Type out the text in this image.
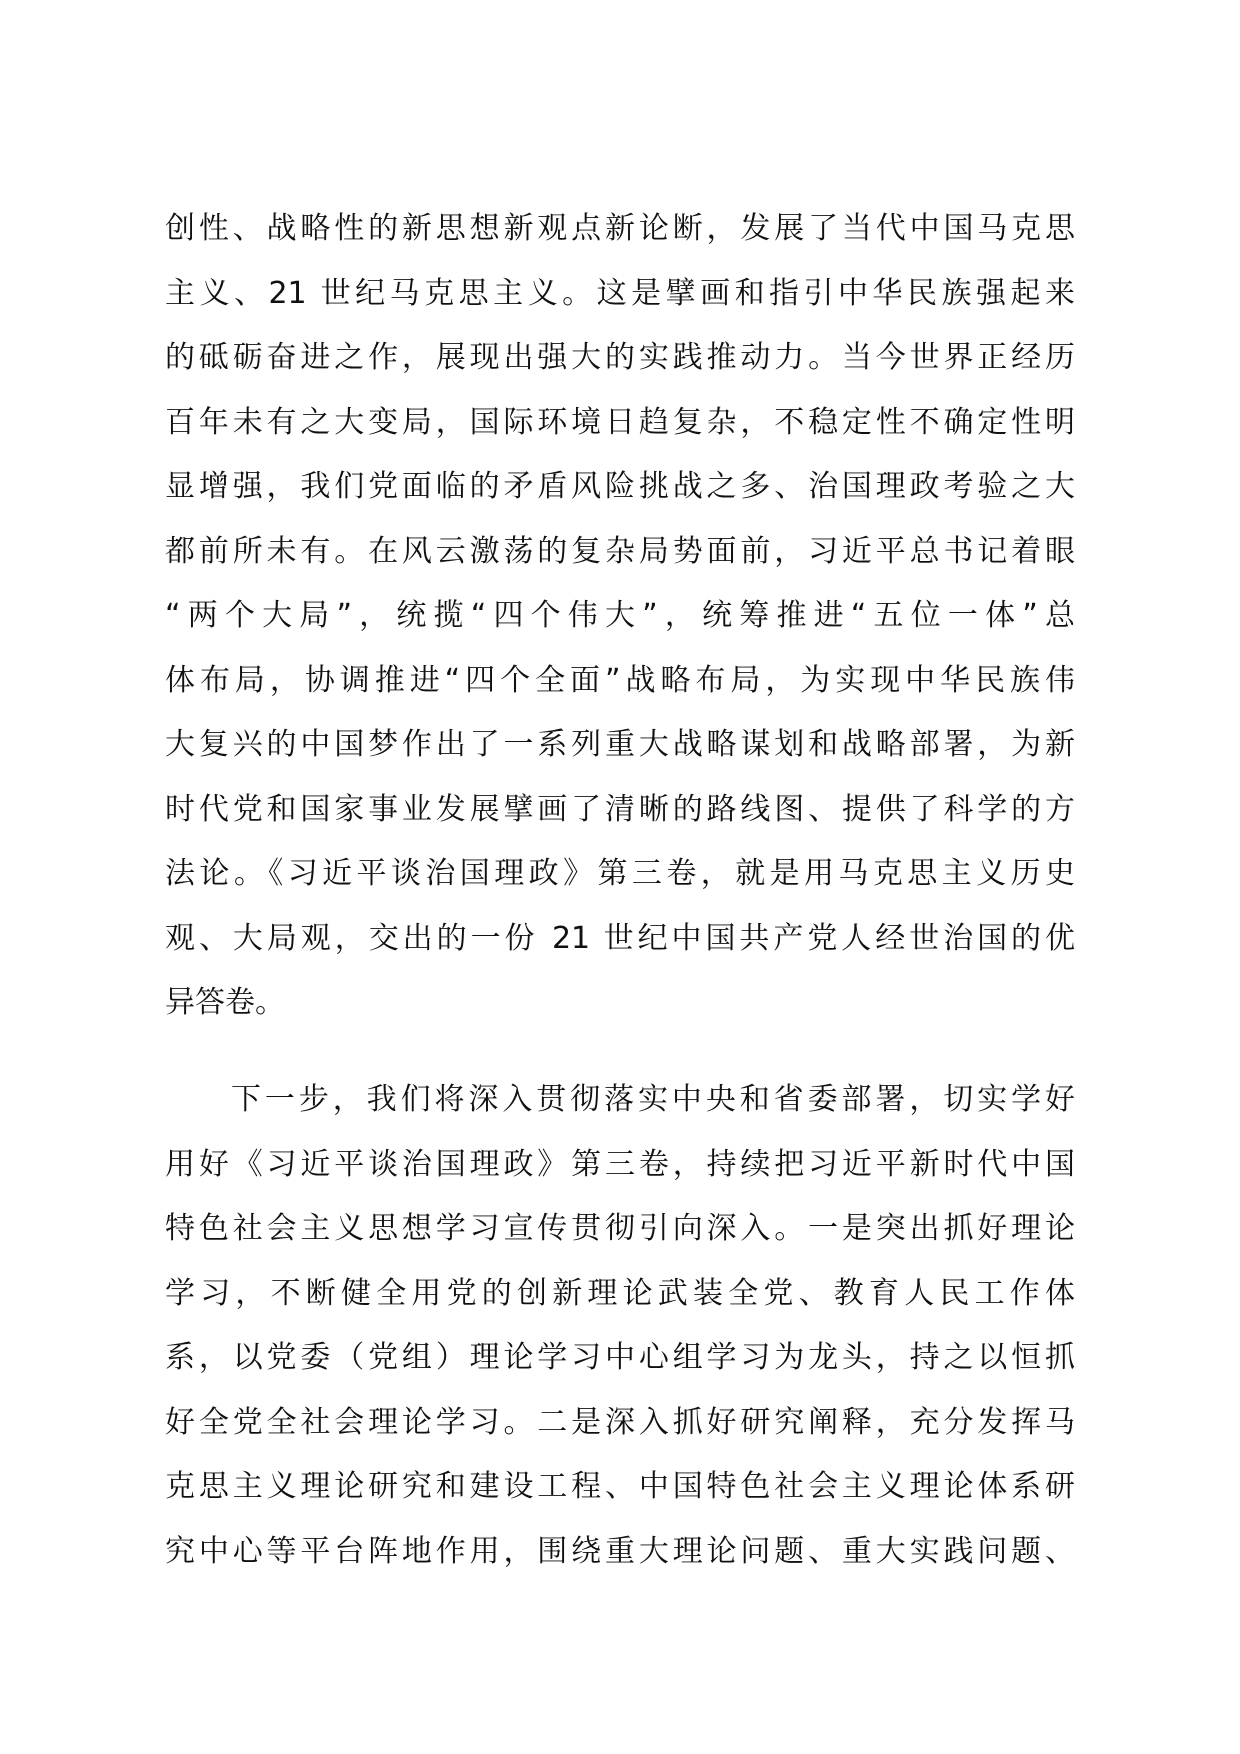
创性、战略性的新思想新观点新论断，发展了当代中国马克思
主义、21 世纪马克思主义。这是擘画和指引中华民族强起来
的砥砺奋进之作，展现出强大的实践推动力。当今世界正经历
百年未有之大变局，国际环境日趋复杂，不稳定性不确定性明
显增强，我们党面临的矛盾风险挑战之多、治国理政考验之大
都前所未有。在风云激荡的复杂局势面前，习近平总书记着眼
“两个大局”，统揽“四个伟大”，统筹推进“五位一体”总
体布局，协调推进“四个全面”战略布局，为实现中华民族伟
大复兴的中国梦作出了一系列重大战略谋划和战略部署，为新
时代党和国家事业发展擘画了清晰的路线图、提供了科学的方
法论。《习近平谈治国理政》第三卷，就是用马克思主义历史
观、大局观，交出的一份 21 世纪中国共产党人经世治国的优
异答卷。
下一步，我们将深入贯彻落实中央和省委部署，切实学好
用好《习近平谈治国理政》第三卷，持续把习近平新时代中国
特色社会主义思想学习宣传贯彻引向深入。一是突出抓好理论
学习，不断健全用党的创新理论武装全党、教育人民工作体
系，以党委（党组）理论学习中心组学习为龙头，持之以恒抓
好全党全社会理论学习。二是深入抓好研究阐释，充分发挥马
克思主义理论研究和建设工程、中国特色社会主义理论体系研
究中心等平台阵地作用，围绕重大理论问题、重大实践问题、
